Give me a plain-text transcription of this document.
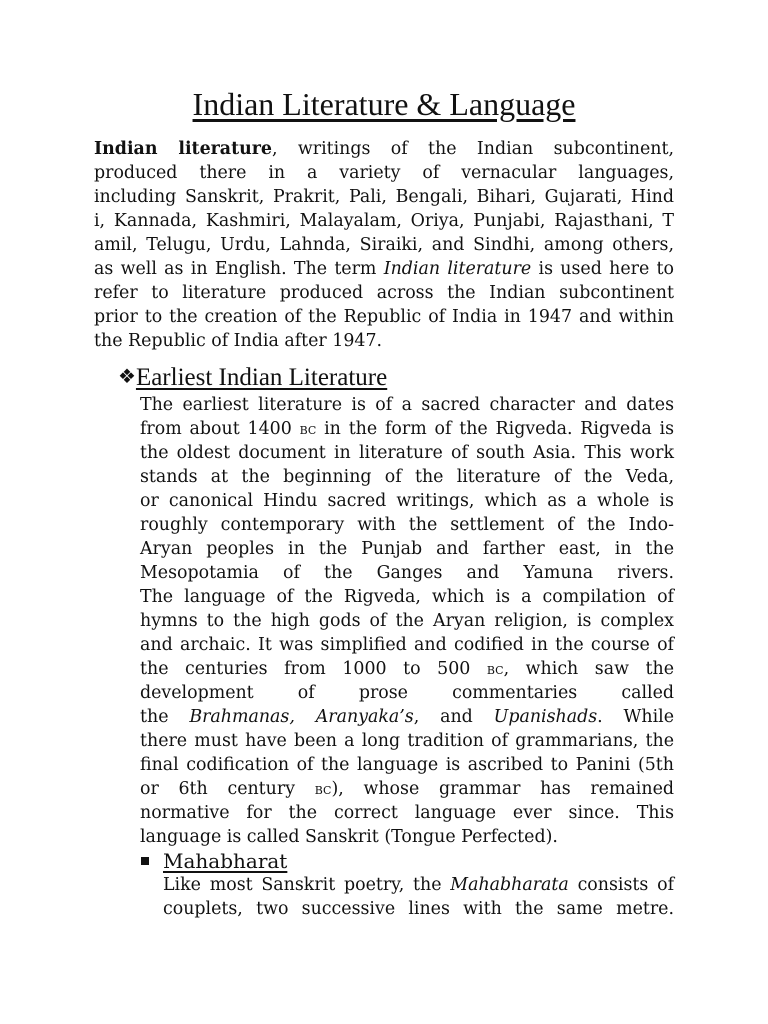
Indian Literature & Language
Indian literature, writings of the Indian subcontinent,
produced there in a variety of vernacular languages,
including Sanskrit, Prakrit, Pali, Bengali, Bihari, Gujarati, Hind
i, Kannada, Kashmiri, Malayalam, Oriya, Punjabi, Rajasthani, T
amil, Telugu, Urdu, Lahnda, Siraiki, and Sindhi, among others,
as well as in English. The term Indian literature is used here to
refer to literature produced across the Indian subcontinent
prior to the creation of the Republic of India in 1947 and within
the Republic of India after 1947.
❖Earliest Indian Literature
The earliest literature is of a sacred character and dates
from about 1400 BC in the form of the Rigveda. Rigveda is
the oldest document in literature of south Asia. This work
stands at the beginning of the literature of the Veda,
or canonical Hindu sacred writings, which as a whole is
roughly contemporary with the settlement of the Indo-
Aryan peoples in the Punjab and farther east, in the
Mesopotamia of the Ganges and Yamuna rivers.
The language of the Rigveda, which is a compilation of
hymns to the high gods of the Aryan religion, is complex
and archaic. It was simplified and codified in the course of
the centuries from 1000 to 500 BC, which saw the
development of prose commentaries called
the Brahmanas, Aranyaka’s, and Upanishads. While
there must have been a long tradition of grammarians, the
final codification of the language is ascribed to Panini (5th
or 6th century BC), whose grammar has remained
normative for the correct language ever since. This
language is called Sanskrit (Tongue Perfected).
Mahabharat
Like most Sanskrit poetry, the Mahabharata consists of
couplets, two successive lines with the same metre.
